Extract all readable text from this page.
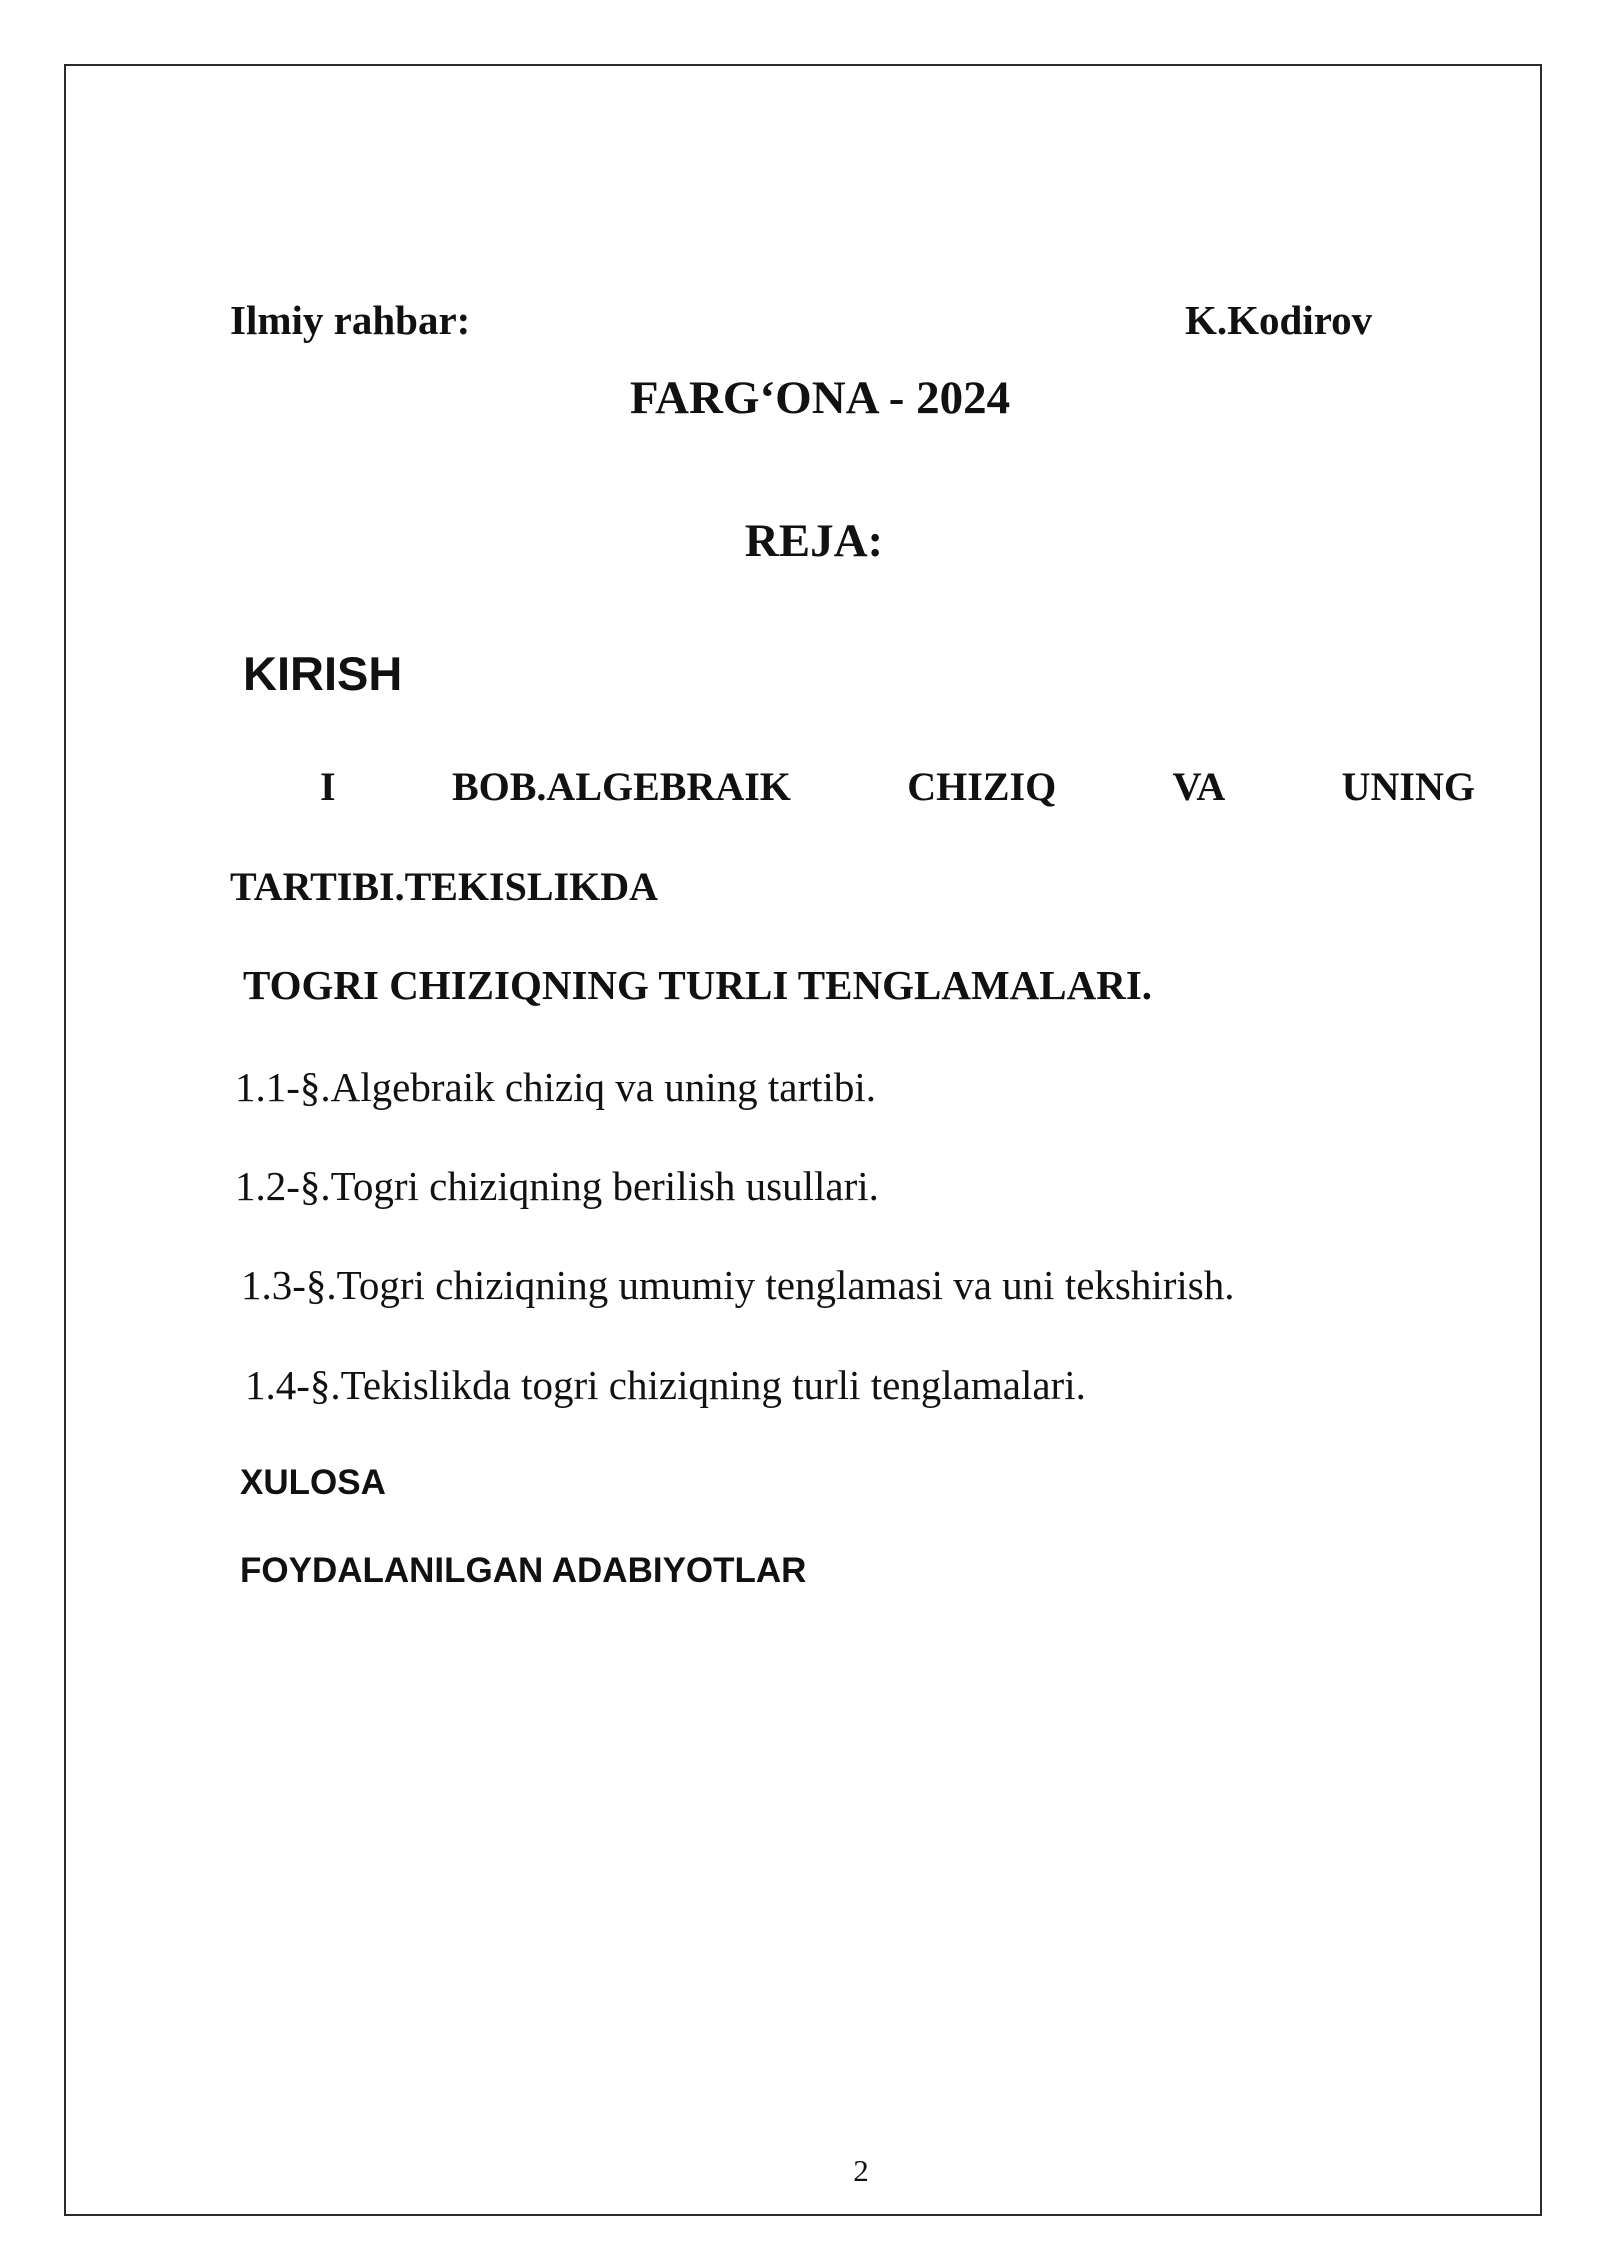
Ilmiy rahbar:	K.Kodirov
FARG‘ONA - 2024
REJA:
KIRISH
I	BOB.ALGEBRAIK	CHIZIQ	VA	UNING
TARTIBI.TEKISLIKDA
TOGRI CHIZIQNING TURLI TENGLAMALARI.
1.1-§.Algebraik chiziq va uning tartibi.
1.2-§.Togri chiziqning berilish usullari.
1.3-§.Togri chiziqning umumiy tenglamasi va uni tekshirish.
1.4-§.Tekislikda togri chiziqning turli tenglamalari.
XULOSA
FOYDALANILGAN ADABIYOTLAR
2
